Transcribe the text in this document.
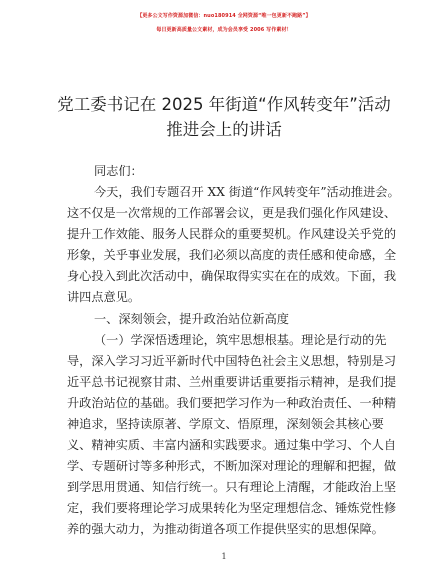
【更多公文写作资源加微信：nuo180914 全网资源“唯一包更新不跑路”】
每日更新高质量公文素材，成为会员享受 2006 写作素材！
党工委书记在 2025 年街道“作风转变年”活动
推进会上的讲话
同志们：
今天，我们专题召开 XX 街道“作风转变年”活动推进会。
这不仅是一次常规的工作部署会议，更是我们强化作风建设、
提升工作效能、服务人民群众的重要契机。作风建设关乎党的
形象，关乎事业发展，我们必须以高度的责任感和使命感，全
身心投入到此次活动中，确保取得实实在在的成效。下面，我
讲四点意见。
一、深刻领会，提升政治站位新高度
（一）学深悟透理论，筑牢思想根基。理论是行动的先
导，深入学习习近平新时代中国特色社会主义思想，特别是习
近平总书记视察甘肃、兰州重要讲话重要指示精神，是我们提
升政治站位的基础。我们要把学习作为一种政治责任、一种精
神追求，坚持读原著、学原文、悟原理，深刻领会其核心要
义、精神实质、丰富内涵和实践要求。通过集中学习、个人自
学、专题研讨等多种形式，不断加深对理论的理解和把握，做
到学思用贯通、知信行统一。只有理论上清醒，才能政治上坚
定，我们要将理论学习成果转化为坚定理想信念、锤炼党性修
养的强大动力，为推动街道各项工作提供坚实的思想保障。
1
